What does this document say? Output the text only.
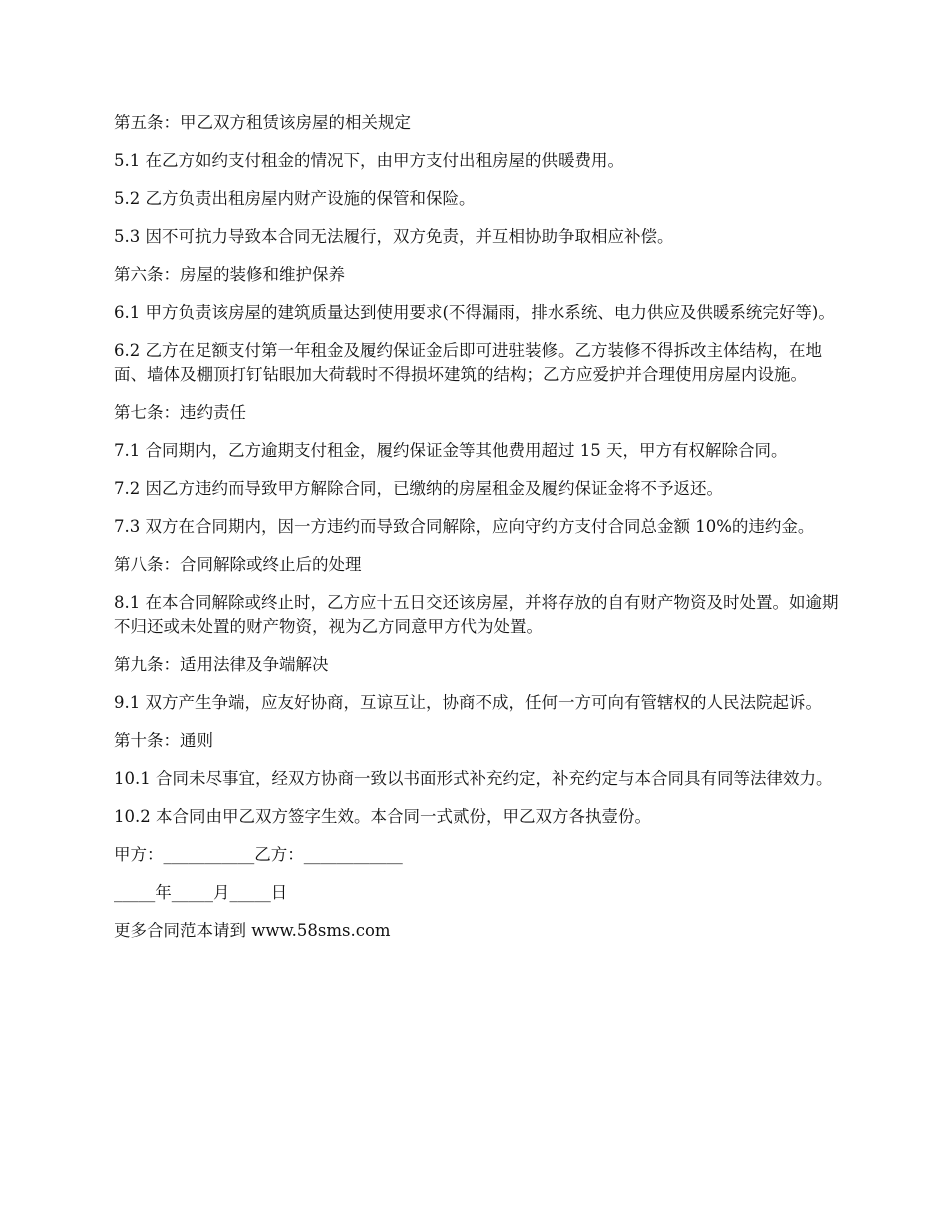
第五条：甲乙双方租赁该房屋的相关规定

5.1 在乙方如约支付租金的情况下，由甲方支付出租房屋的供暖费用。

5.2 乙方负责出租房屋内财产设施的保管和保险。

5.3 因不可抗力导致本合同无法履行，双方免责，并互相协助争取相应补偿。

第六条：房屋的装修和维护保养

6.1 甲方负责该房屋的建筑质量达到使用要求(不得漏雨，排水系统、电力供应及供暖系统完好等)。

6.2 乙方在足额支付第一年租金及履约保证金后即可进驻装修。乙方装修不得拆改主体结构，在地面、墙体及棚顶打钉钻眼加大荷载时不得损坏建筑的结构；乙方应爱护并合理使用房屋内设施。

第七条：违约责任

7.1 合同期内，乙方逾期支付租金，履约保证金等其他费用超过 15 天，甲方有权解除合同。

7.2 因乙方违约而导致甲方解除合同，已缴纳的房屋租金及履约保证金将不予返还。

7.3 双方在合同期内，因一方违约而导致合同解除，应向守约方支付合同总金额 10%的违约金。

第八条：合同解除或终止后的处理

8.1 在本合同解除或终止时，乙方应十五日交还该房屋，并将存放的自有财产物资及时处置。如逾期不归还或未处置的财产物资，视为乙方同意甲方代为处置。

第九条：适用法律及争端解决

9.1 双方产生争端，应友好协商，互谅互让，协商不成，任何一方可向有管辖权的人民法院起诉。

第十条：通则

10.1 合同未尽事宜，经双方协商一致以书面形式补充约定，补充约定与本合同具有同等法律效力。

10.2 本合同由甲乙双方签字生效。本合同一式贰份，甲乙双方各执壹份。

甲方：___________乙方：____________

_____年_____月_____日

更多合同范本请到 www.58sms.com
